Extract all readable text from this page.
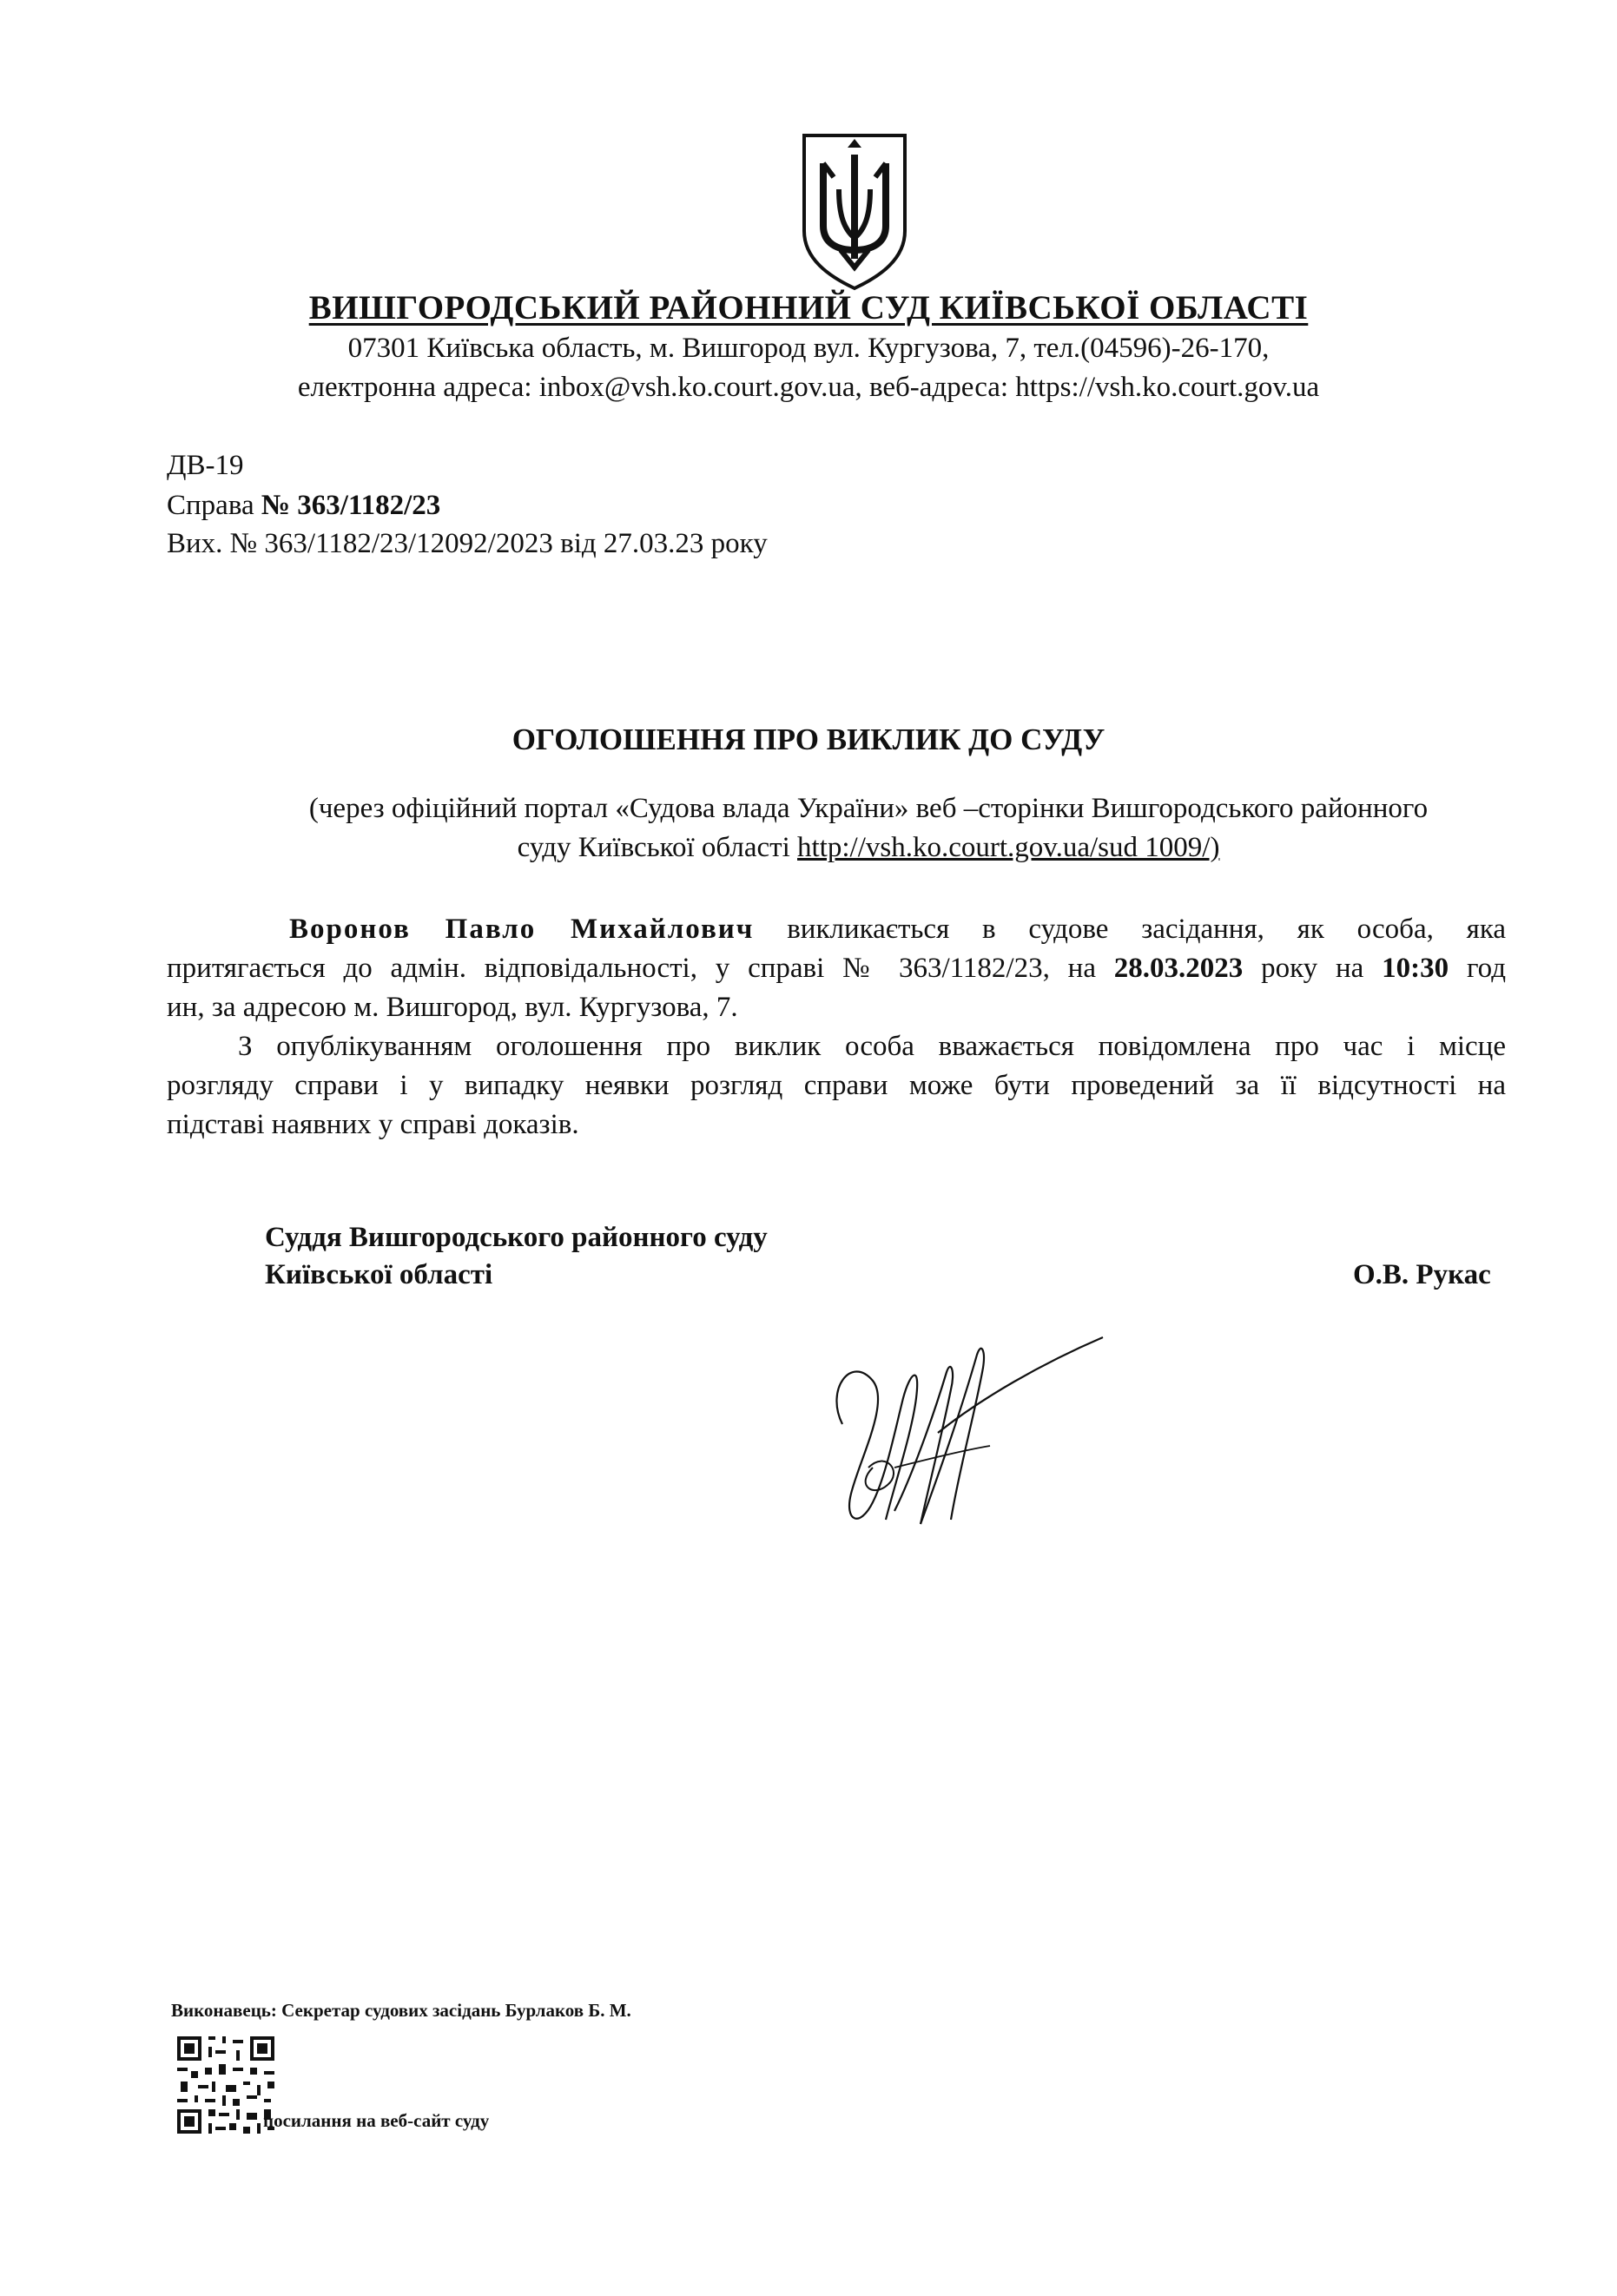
ВИШГОРОДСЬКИЙ РАЙОННИЙ СУД КИЇВСЬКОЇ ОБЛАСТІ
07301 Київська область, м. Вишгород вул. Кургузова, 7, тел.(04596)-26-170,
електронна адреса: inbox@vsh.ko.court.gov.ua, веб-адреса: https://vsh.ko.court.gov.ua
ДВ-19
Справа № 363/1182/23
Вих. № 363/1182/23/12092/2023 від 27.03.23 року
ОГОЛОШЕННЯ ПРО ВИКЛИК ДО СУДУ
(через офіційний портал «Судова влада України» веб –сторінки Вишгородського районного
суду Київської області http://vsh.ko.court.gov.ua/sud 1009/)
Воронов Павло Михайлович викликається в судове засідання, як особа, яка
притягається до адмін. відповідальності, у справі № 363/1182/23, на 28.03.2023 року на 10:30 год
ин, за адресою м. Вишгород, вул. Кургузова, 7.
З опублікуванням оголошення про виклик особа вважається повідомлена про час і місце
розгляду справи і у випадку неявки розгляд справи може бути проведений за її відсутності на
підставі наявних у справі доказів.
Суддя Вишгородського районного суду
Київської області	О.В. Рукас
Виконавець: Секретар судових засідань Бурлаков Б. М.
посилання на веб-сайт суду
